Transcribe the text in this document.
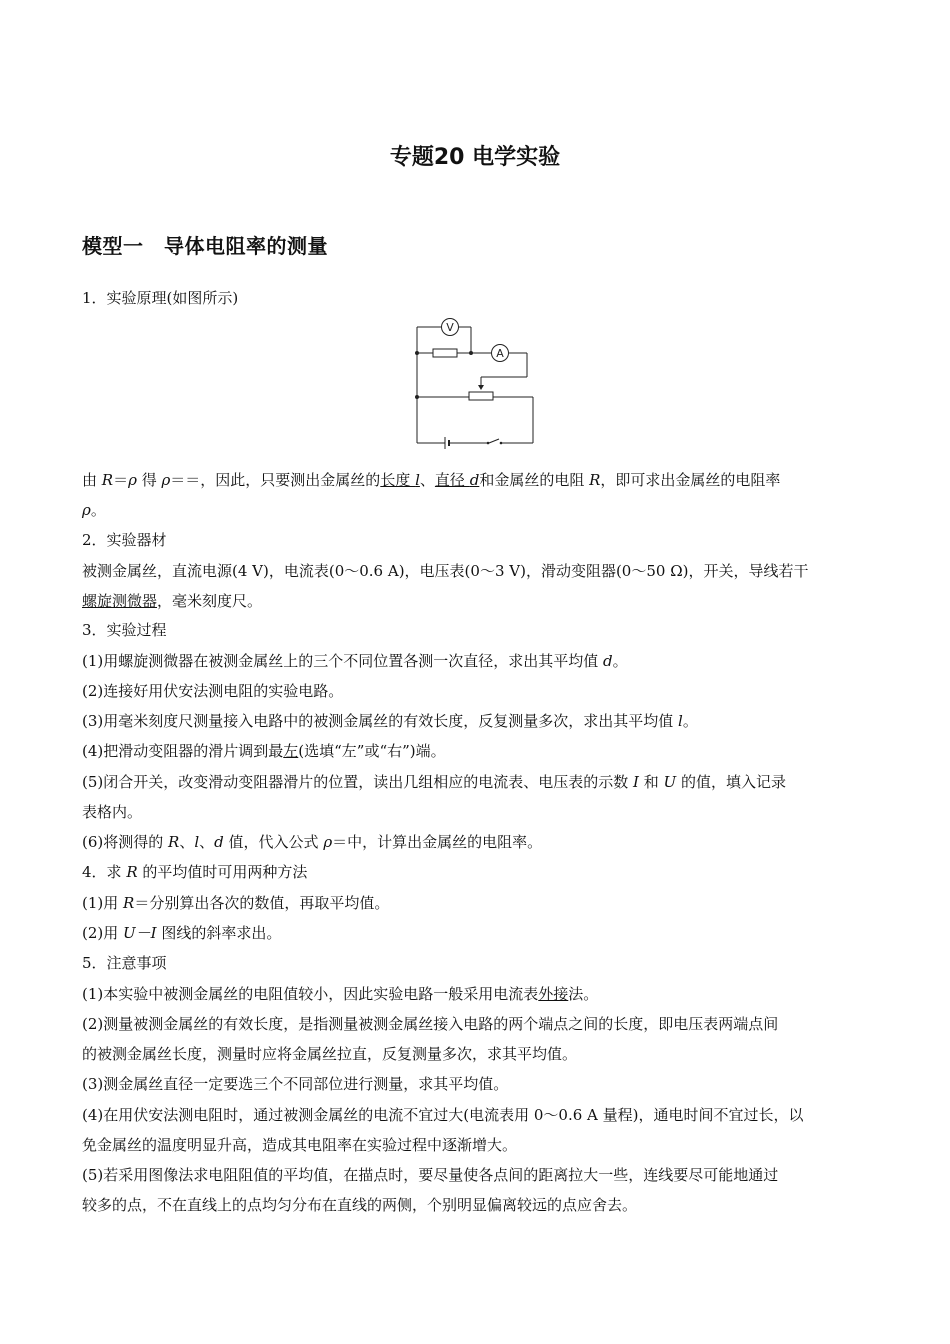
专题20 电学实验
模型一　导体电阻率的测量
1．实验原理(如图所示)
V
A
由 R＝ρ 得 ρ＝＝，因此，只要测出金属丝的长度 l、直径 d和金属丝的电阻 R，即可求出金属丝的电阻率
ρ。
2．实验器材
被测金属丝，直流电源(4 V)，电流表(0～0.6 A)，电压表(0～3 V)，滑动变阻器(0～50 Ω)，开关，导线若干
螺旋测微器，毫米刻度尺。
3．实验过程
(1)用螺旋测微器在被测金属丝上的三个不同位置各测一次直径，求出其平均值 d。
(2)连接好用伏安法测电阻的实验电路。
(3)用毫米刻度尺测量接入电路中的被测金属丝的有效长度，反复测量多次，求出其平均值 l。
(4)把滑动变阻器的滑片调到最左(选填“左”或“右”)端。
(5)闭合开关，改变滑动变阻器滑片的位置，读出几组相应的电流表、电压表的示数 I 和 U 的值，填入记录
表格内。
(6)将测得的 R、l、d 值，代入公式 ρ＝中，计算出金属丝的电阻率。
4．求 R 的平均值时可用两种方法
(1)用 R＝分别算出各次的数值，再取平均值。
(2)用 U－I 图线的斜率求出。
5．注意事项
(1)本实验中被测金属丝的电阻值较小，因此实验电路一般采用电流表外接法。
(2)测量被测金属丝的有效长度，是指测量被测金属丝接入电路的两个端点之间的长度，即电压表两端点间
的被测金属丝长度，测量时应将金属丝拉直，反复测量多次，求其平均值。
(3)测金属丝直径一定要选三个不同部位进行测量，求其平均值。
(4)在用伏安法测电阻时，通过被测金属丝的电流不宜过大(电流表用 0～0.6 A 量程)，通电时间不宜过长，以
免金属丝的温度明显升高，造成其电阻率在实验过程中逐渐增大。
(5)若采用图像法求电阻阻值的平均值，在描点时，要尽量使各点间的距离拉大一些，连线要尽可能地通过
较多的点，不在直线上的点均匀分布在直线的两侧，个别明显偏离较远的点应舍去。
